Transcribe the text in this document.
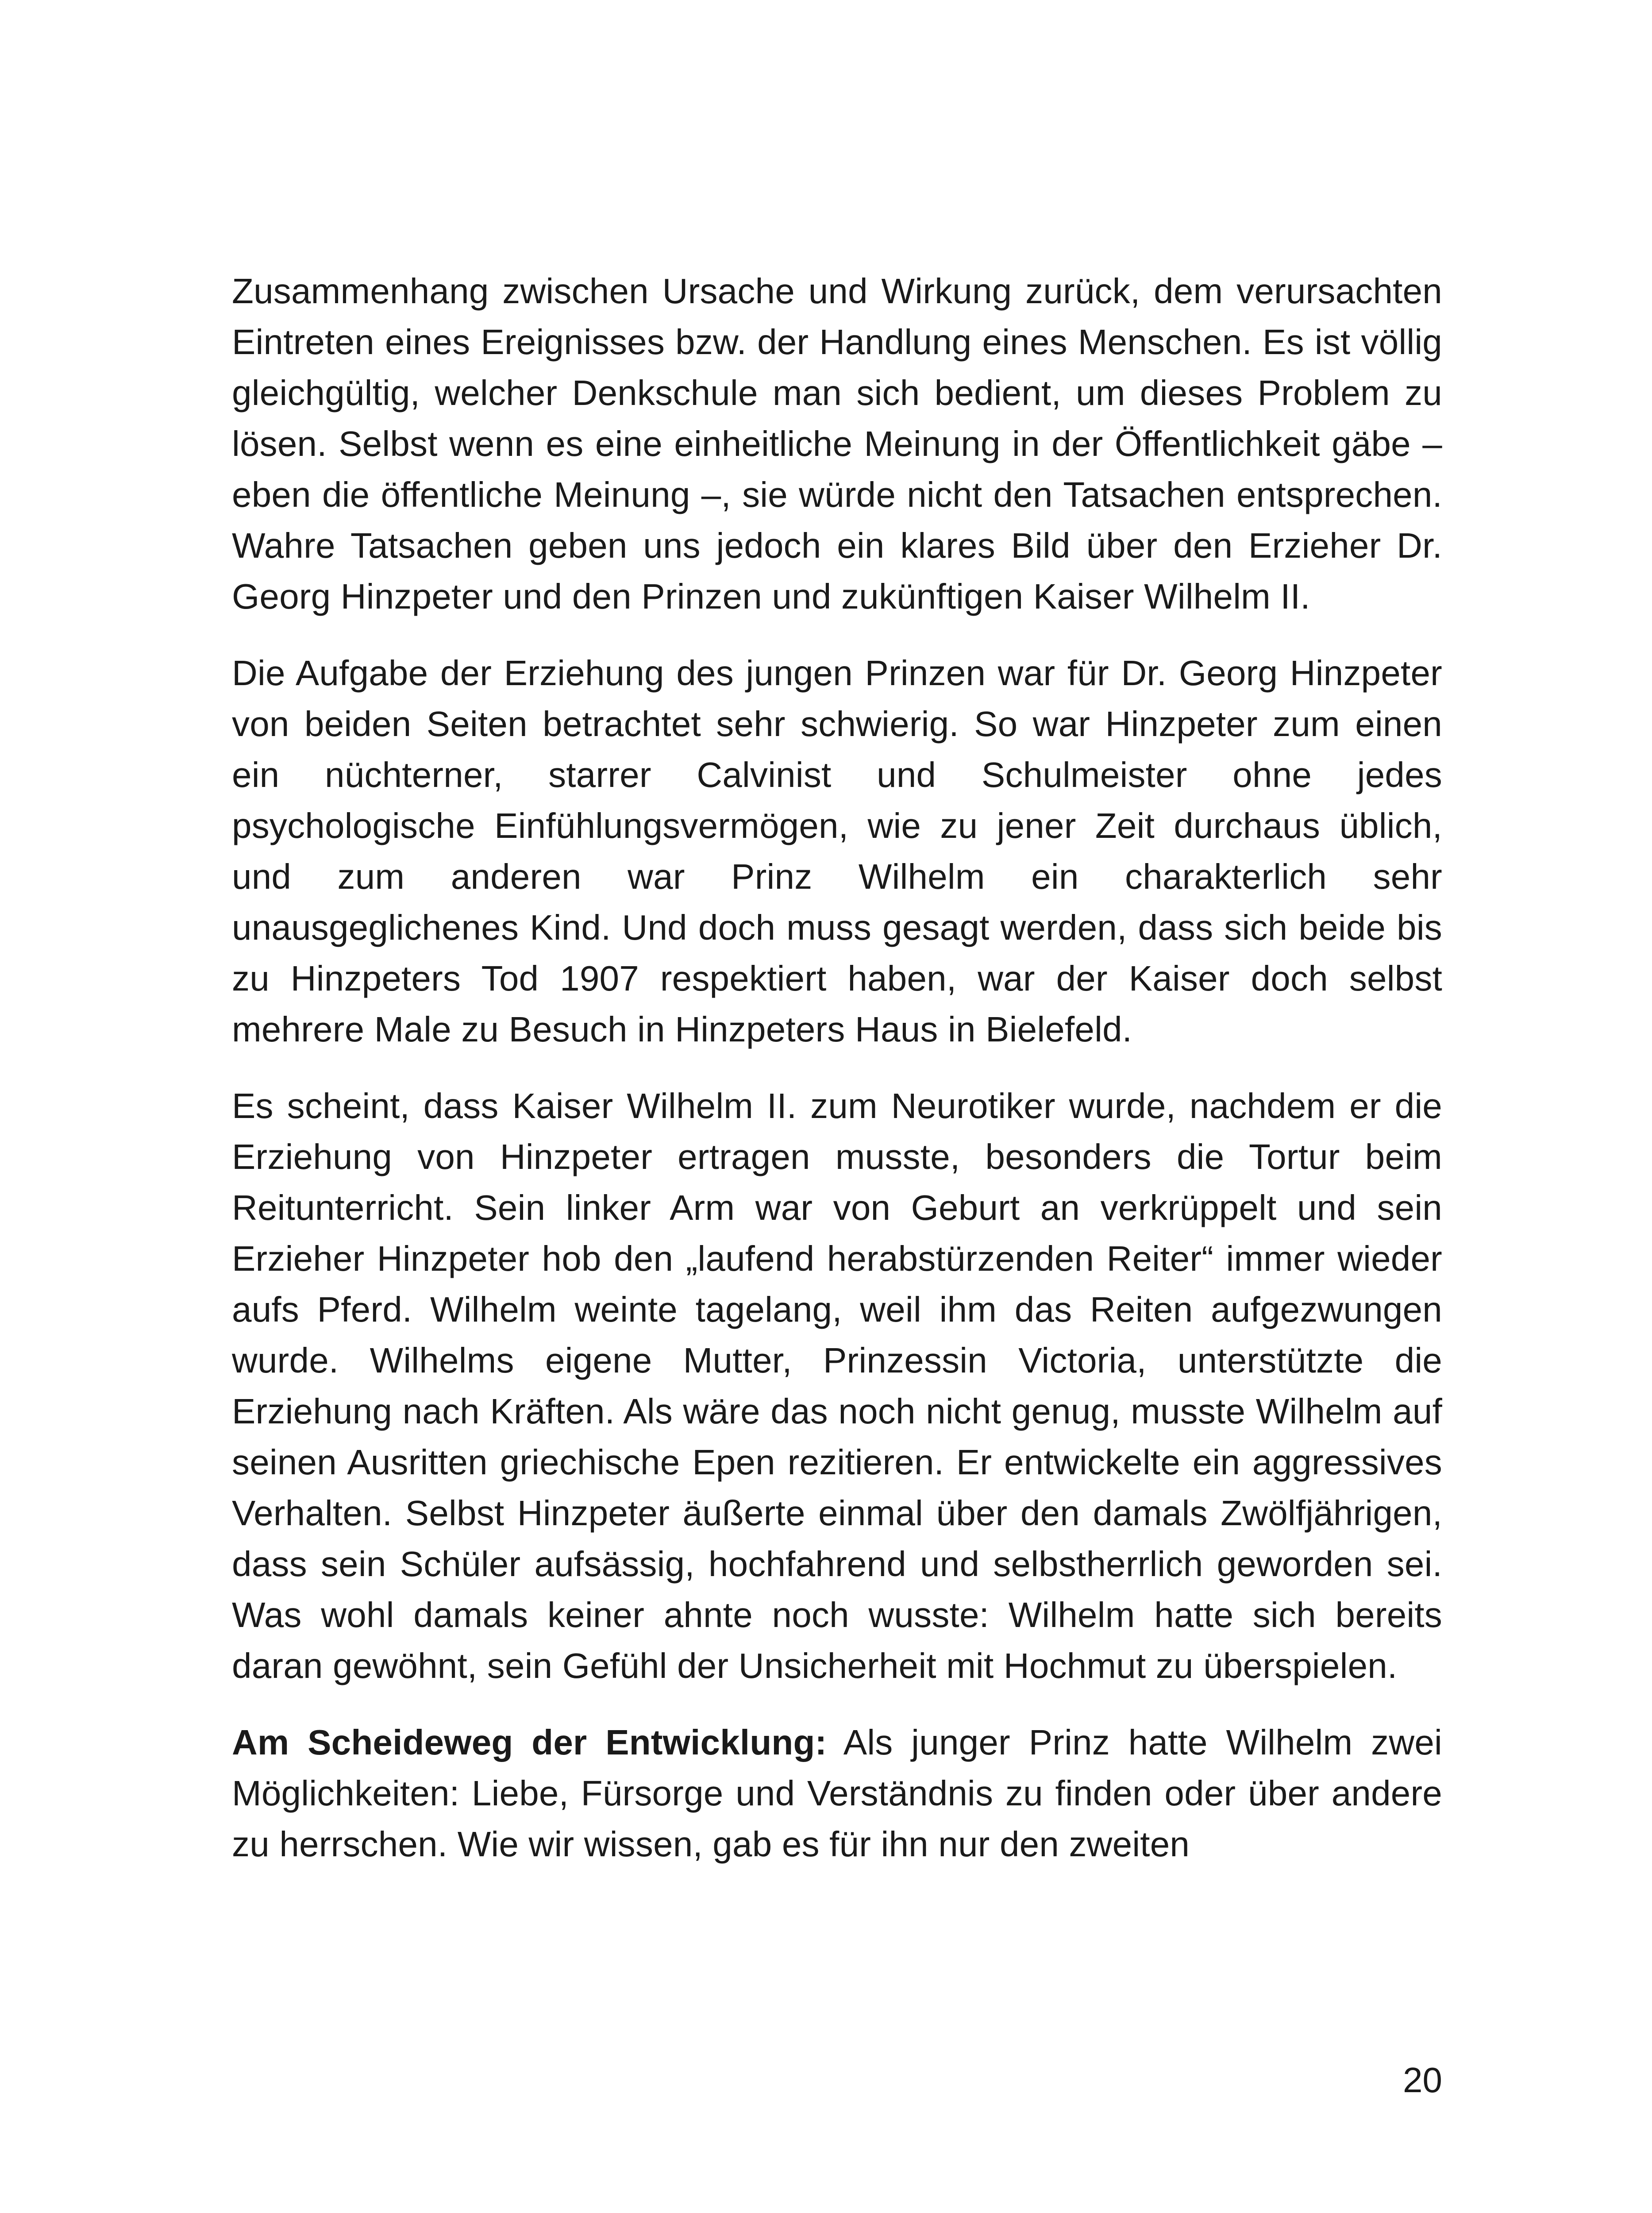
Zusammenhang zwischen Ursache und Wirkung zurück, dem verursachten Eintreten eines Ereignisses bzw. der Handlung eines Menschen. Es ist völlig gleichgültig, welcher Denkschule man sich bedient, um dieses Problem zu lösen. Selbst wenn es eine einheitliche Meinung in der Öffentlichkeit gäbe – eben die öffentliche Meinung –, sie würde nicht den Tatsachen entsprechen. Wahre Tatsachen geben uns jedoch ein klares Bild über den Erzieher Dr. Georg Hinzpeter und den Prinzen und zukünftigen Kaiser Wilhelm II.

Die Aufgabe der Erziehung des jungen Prinzen war für Dr. Georg Hinzpeter von beiden Seiten betrachtet sehr schwierig. So war Hinzpeter zum einen ein nüchterner, starrer Calvinist und Schulmeister ohne jedes psychologische Einfühlungsvermögen, wie zu jener Zeit durchaus üblich, und zum anderen war Prinz Wilhelm ein charakterlich sehr unausgeglichenes Kind. Und doch muss gesagt werden, dass sich beide bis zu Hinzpeters Tod 1907 respektiert haben, war der Kaiser doch selbst mehrere Male zu Besuch in Hinzpeters Haus in Bielefeld.

Es scheint, dass Kaiser Wilhelm II. zum Neurotiker wurde, nachdem er die Erziehung von Hinzpeter ertragen musste, besonders die Tortur beim Reitunterricht. Sein linker Arm war von Geburt an verkrüppelt und sein Erzieher Hinzpeter hob den „laufend herabstürzenden Reiter“ immer wieder aufs Pferd. Wilhelm weinte tagelang, weil ihm das Reiten aufgezwungen wurde. Wilhelms eigene Mutter, Prinzessin Victoria, unterstützte die Erziehung nach Kräften. Als wäre das noch nicht genug, musste Wilhelm auf seinen Ausritten griechische Epen rezitieren. Er entwickelte ein aggressives Verhalten. Selbst Hinzpeter äußerte einmal über den damals Zwölfjährigen, dass sein Schüler aufsässig, hochfahrend und selbstherrlich geworden sei. Was wohl damals keiner ahnte noch wusste: Wilhelm hatte sich bereits daran gewöhnt, sein Gefühl der Unsicherheit mit Hochmut zu überspielen.

Am Scheideweg der Entwicklung: Als junger Prinz hatte Wilhelm zwei Möglichkeiten: Liebe, Fürsorge und Verständnis zu finden oder über andere zu herrschen. Wie wir wissen, gab es für ihn nur den zweiten

20
